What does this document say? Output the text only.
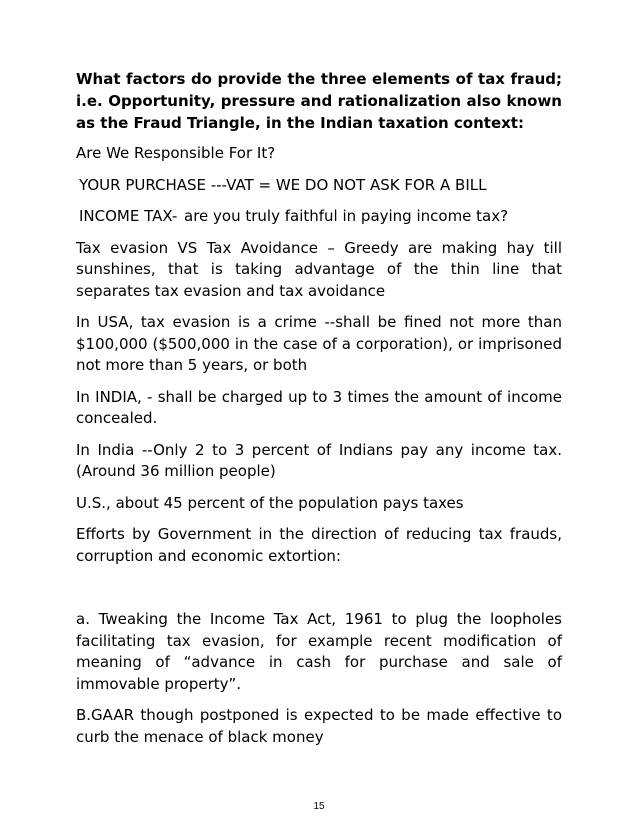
What factors do provide the three elements of tax fraud; i.e. Opportunity, pressure and rationalization also known as the Fraud Triangle, in the Indian taxation context:

Are We Responsible For It?

YOUR PURCHASE ---VAT = WE DO NOT ASK FOR A BILL

INCOME TAX- are you truly faithful in paying income tax?

Tax evasion VS Tax Avoidance – Greedy are making hay till sunshines, that is taking advantage of the thin line that separates tax evasion and tax avoidance

In USA, tax evasion is a crime --shall be fined not more than $100,000 ($500,000 in the case of a corporation), or imprisoned not more than 5 years, or both

In INDIA, - shall be charged up to 3 times the amount of income concealed.

In India --Only 2 to 3 percent of Indians pay any income tax. (Around 36 million people)

U.S., about 45 percent of the population pays taxes

Efforts by Government in the direction of reducing tax frauds, corruption and economic extortion:

a. Tweaking the Income Tax Act, 1961 to plug the loopholes facilitating tax evasion, for example recent modification of meaning of “advance in cash for purchase and sale of immovable property”.

B.GAAR though postponed is expected to be made effective to curb the menace of black money

15
